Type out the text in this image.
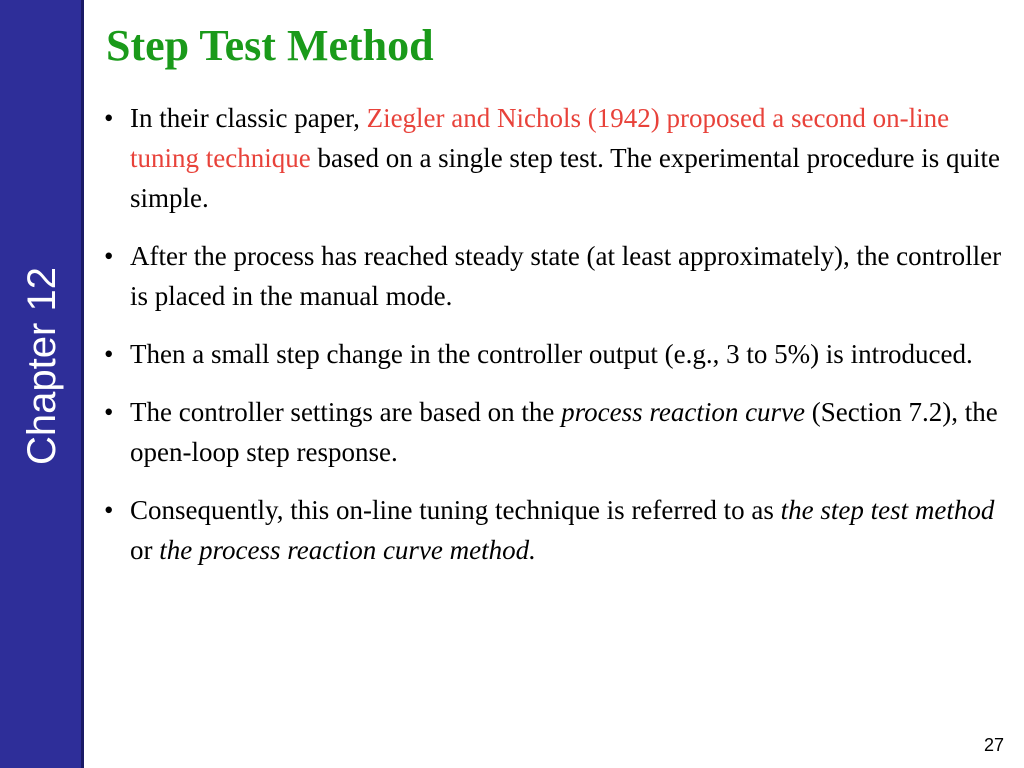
Chapter 12
Step Test Method
• In their classic paper, Ziegler and Nichols (1942) proposed a second on-line tuning technique based on a single step test. The experimental procedure is quite simple.
• After the process has reached steady state (at least approximately), the controller is placed in the manual mode.
• Then a small step change in the controller output (e.g., 3 to 5%) is introduced.
• The controller settings are based on the process reaction curve (Section 7.2), the open-loop step response.
• Consequently, this on-line tuning technique is referred to as the step test method or the process reaction curve method.
27
